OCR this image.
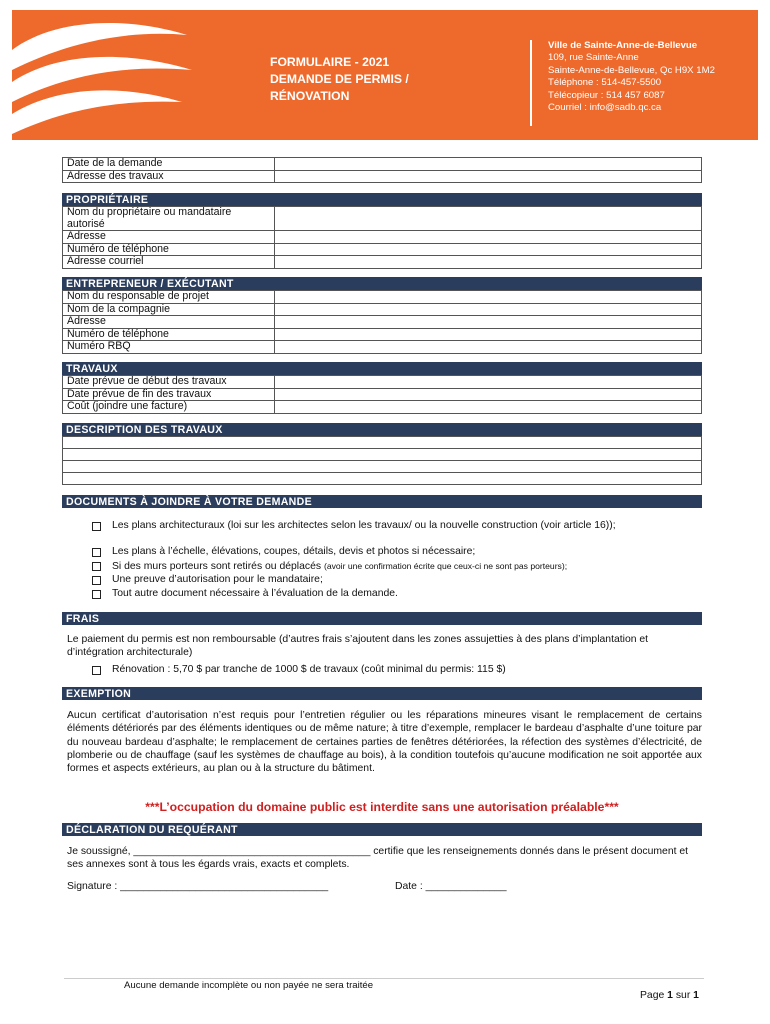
FORMULAIRE - 2021
DEMANDE DE PERMIS /
RÉNOVATION
Ville de Sainte-Anne-de-Bellevue
109, rue Sainte-Anne
Sainte-Anne-de-Bellevue, Qc H9X 1M2
Téléphone : 514-457-5500
Télécopieur : 514 457 6087
Courriel : info@sadb.qc.ca
Date de la demande	
Adresse des travaux	
PROPRIÉTAIRE
Nom du propriétaire ou mandataire autorisé	
Adresse	
Numéro de téléphone	
Adresse courriel	
ENTREPRENEUR / EXÉCUTANT
Nom du responsable de projet	
Nom de la compagnie	
Adresse	
Numéro de téléphone	
Numéro RBQ	
TRAVAUX
Date prévue de début des travaux	
Date prévue de fin des travaux	
Coût (joindre une facture)	
DESCRIPTION DES TRAVAUX

DOCUMENTS À JOINDRE À VOTRE DEMANDE
Les plans architecturaux (loi sur les architectes selon les travaux/ ou la nouvelle construction (voir article 16));
Les plans à l’échelle, élévations, coupes, détails, devis et photos si nécessaire;
Si des murs porteurs sont retirés ou déplacés (avoir une confirmation écrite que ceux-ci ne sont pas porteurs);
Une preuve d’autorisation pour le mandataire;
Tout autre document nécessaire à l’évaluation de la demande.
FRAIS
Le paiement du permis est non remboursable (d’autres frais s’ajoutent dans les zones assujetties à des plans d’implantation et d’intégration architecturale)
Rénovation : 5,70 $ par tranche de 1000 $ de travaux (coût minimal du permis: 115 $)
EXEMPTION
Aucun certificat d’autorisation n’est requis pour l’entretien régulier ou les réparations mineures visant le remplacement de certains éléments détériorés par des éléments identiques ou de même nature; à titre d’exemple, remplacer le bardeau d’asphalte d’une toiture par du nouveau bardeau d’asphalte; le remplacement de certaines parties de fenêtres détériorées, la réfection des systèmes d’électricité, de plomberie ou de chauffage (sauf les systèmes de chauffage au bois), à la condition toutefois qu’aucune modification ne soit apportée aux formes et aspects extérieurs, au plan ou à la structure du bâtiment.
***L’occupation du domaine public est interdite sans une autorisation préalable***
DÉCLARATION DU REQUÉRANT
Je soussigné, _________________________________________ certifie que les renseignements donnés dans le présent document et ses annexes sont à tous les égards vrais, exacts et complets.
Signature : ____________________________________	Date : ______________
Aucune demande incomplète ou non payée ne sera traitée
Page 1 sur 1
